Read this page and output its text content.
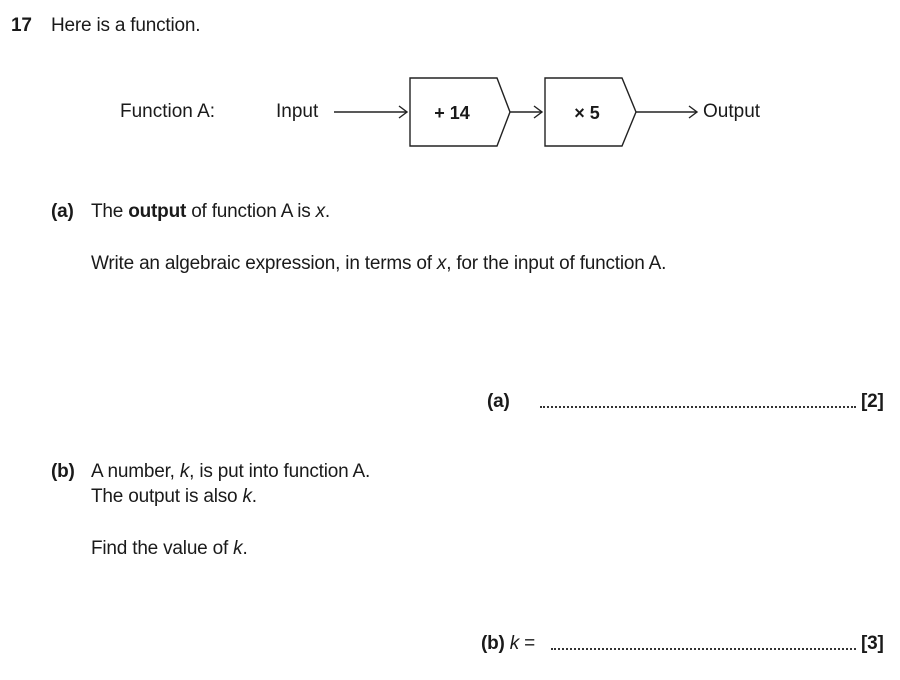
17 Here is a function.
Function A:	Input	+ 14	× 5	Output
(a) The output of function A is x.
Write an algebraic expression, in terms of x, for the input of function A.
(a)	[2]
(b) A number, k, is put into function A.
The output is also k.
Find the value of k.
(b) k =	[3]
